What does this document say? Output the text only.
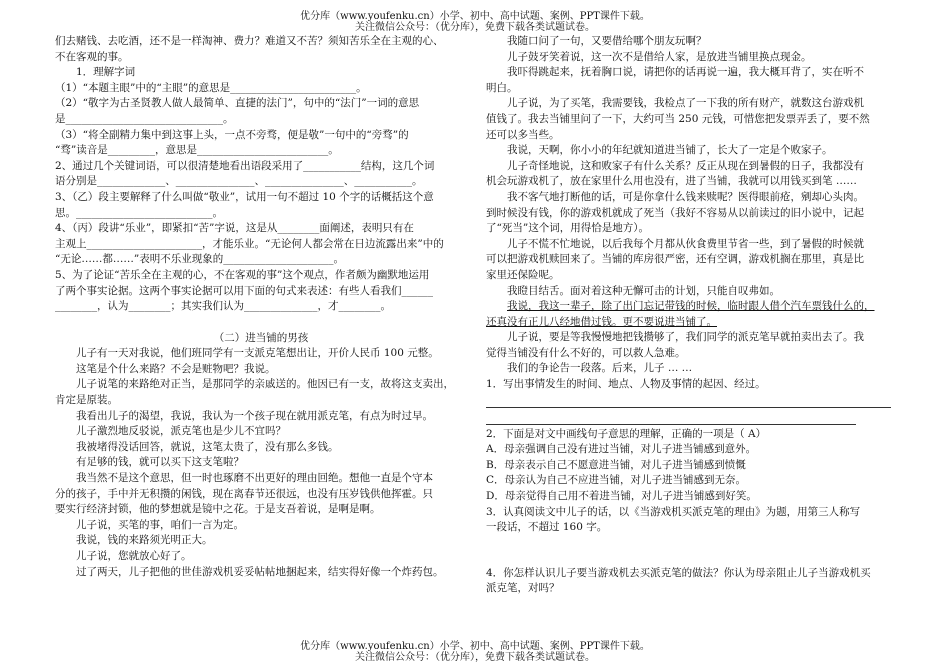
优分库（www.youfenku.cn）小学、初中、高中试题、案例、PPT课件下载。
关注微信公众号：（优分库），免费下载各类试题试卷。

们去赌钱、去吃酒，还不是一样淘神、费力？难道又不苦？须知苦乐全在主观的心、

不在客观的事。

1．理解字词

（1）“本题主眼”中的“主眼”的意思是________________________。

（2）“敬字为古圣贤教人做人最简单、直捷的法门”，句中的“法门”一词的意思

是______________________________。

（3）“将全副精力集中到这事上头，一点不旁骛，便是敬”一句中的“旁骛”的

“骛”读音是_________，意思是_________________________。

2、通过几个关键词语，可以很清楚地看出语段采用了___________结构，这几个词

语分别是_____________、_______________、_______________、___________。

3、（乙）段主要解释了什么叫做“敬业”，试用一句不超过 10 个字的话概括这个意

思。__________________________。

4、（丙）段讲“乐业”，即紧扣“苦”字说，这是从________面阐述，表明只有在

主观上______________________，才能乐业。“无论何人都会常在日边流露出来”中的

“无论……都……”表明不乐业现象的_____________________。

5、为了论证“苦乐全在主观的心，不在客观的事”这个观点，作者颇为幽默地运用

了两个事实论据。这两个事实论据可以用下面的句式来表述：有些人看我们______

________，认为________；其实我们认为______________，才________。

（二）进当铺的男孩

儿子有一天对我说，他们班同学有一支派克笔想出让，开价人民币 100 元整。

这笔是个什么来路？不会是赃物吧？我说。

儿子说笔的来路绝对正当，是那同学的亲戚送的。他因已有一支，故将这支卖出，

肯定是原装。

我看出儿子的渴望，我说，我认为一个孩子现在就用派克笔，有点为时过早。

儿子激烈地反驳说，派克笔也是少儿不宜吗？

我被堵得没话回答，就说，这笔太贵了，没有那么多钱。

有足够的钱，就可以买下这支笔啦？

我当然不是这个意思，但一时也琢磨不出更好的理由回绝。想他一直是个守本

分的孩子，手中并无积攒的闲钱，现在离春节还很远，也没有压岁钱供他挥霍。只

要实行经济封锁，他的梦想就是镜中之花。于是支吾着说，是啊是啊。

儿子说，买笔的事，咱们一言为定。

我说，钱的来路须光明正大。

儿子说，您就放心好了。

过了两天，儿子把他的世佳游戏机妥妥帖帖地捆起来，结实得好像一个炸药包。

我随口问了一句，又要借给哪个朋友玩啊？

儿子鼓牙笑着说，这一次不是借给人家，是放进当铺里换点现金。

我吓得跳起来，抚着胸口说，请把你的话再说一遍，我大概耳背了，实在听不

明白。

儿子说，为了买笔，我需要钱，我检点了一下我的所有财产，就数这台游戏机

值钱了。我去当铺里问了一下，大约可当 250 元钱，可惜您把发票弄丢了，要不然

还可以多当些。

我说，天啊，你小小的年纪就知道进当铺了，长大了一定是个败家子。

儿子奇怪地说，这和败家子有什么关系？反正从现在到暑假的日子，我都没有

机会玩游戏机了，放在家里什么用也没有，进了当铺，我就可以用钱买到笔 ……

我不客气地打断他的话，可是你拿什么钱来赎呢？医得眼前疮，剜却心头肉。

到时候没有钱，你的游戏机就成了死当（我好不容易从以前读过的旧小说中，记起

了“死当”这个词，用得恰是地方）。

儿子不慌不忙地说，以后我每个月都从伙食费里节省一些，到了暑假的时候就

可以把游戏机赎回来了。当铺的库房很严密，还有空调，游戏机搁在那里，真是比

家里还保险呢。

我瞪目结舌。面对着这种无懈可击的计划，只能自叹弗如。

我说，我这一辈子，除了出门忘记带钱的时候，临时跟人借个汽车票钱什么的，

还真没有正儿八经地借过钱。更不要说进当铺了。

儿子说，要是等我慢慢地把钱攒够了，我们同学的派克笔早就拍卖出去了。我

觉得当铺没有什么不好的，可以救人急难。

我们的争论告一段落。后来，儿子 … …

1．写出事情发生的时间、地点、人物及事情的起因、经过。

2．下面是对文中画线句子意思的理解，正确的一项是（ A）

A．母亲强调自己没有进过当铺，对儿子进当铺感到意外。

B．母亲表示自己不愿意进当铺，对儿子进当铺感到愤慨

C．母亲认为自己不应进当铺，对儿子进当铺感到无奈。

D．母亲觉得自己用不着进当铺，对儿子进当铺感到好笑。

3．认真阅读文中儿子的话，以《当游戏机买派克笔的理由》为题，用第三人称写

一段话，不超过 160 字。

4．你怎样认识儿子要当游戏机去买派克笔的做法？你认为母亲阻止儿子当游戏机买

派克笔，对吗？

优分库（www.youfenku.cn）小学、初中、高中试题、案例、PPT课件下载。
关注微信公众号：（优分库），免费下载各类试题试卷。
